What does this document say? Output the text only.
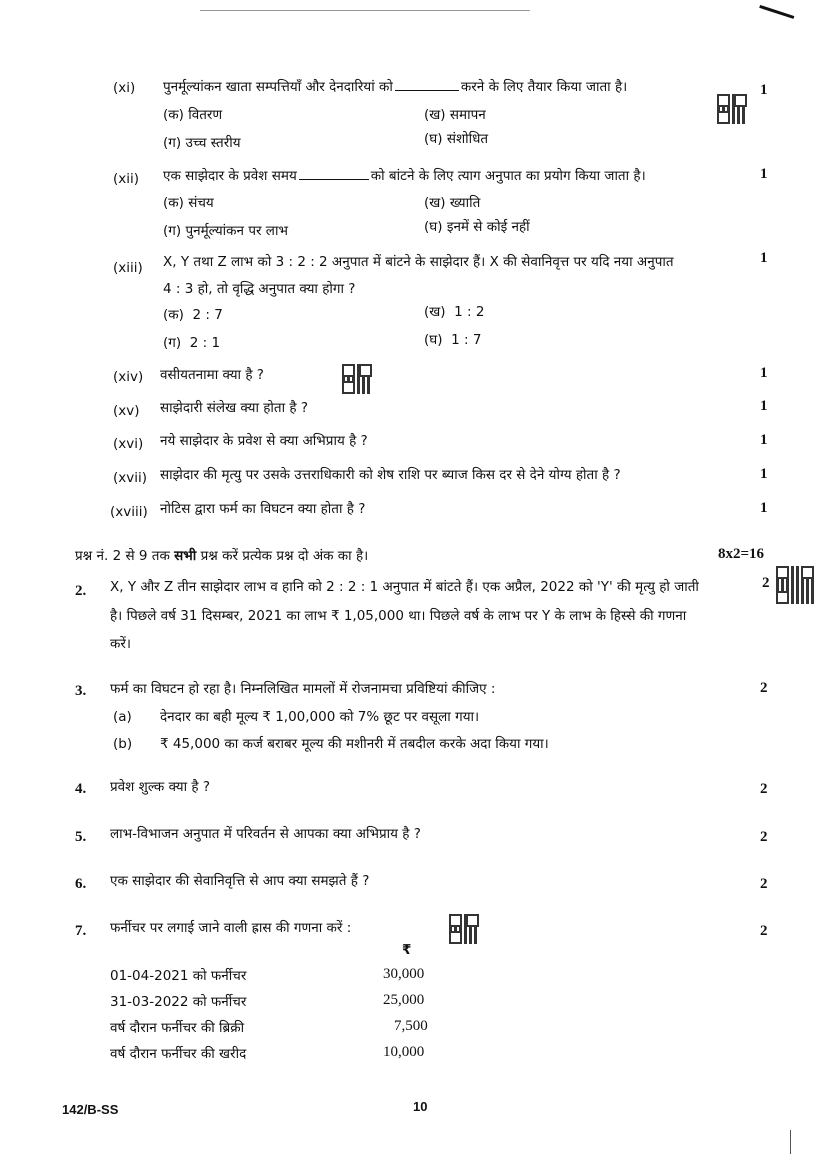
(xi) पुनर्मूल्यांकन खाता सम्पत्तियाँ और देनदारियां को	करने के लिए तैयार किया जाता है।	1
(क) वितरण	(ख) समापन
(ग) उच्च स्तरीय	(घ) संशोधित
(xii) एक साझेदार के प्रवेश समय	को बांटने के लिए त्याग अनुपात का प्रयोग किया जाता है।	1
(क) संचय	(ख) ख्याति
(ग) पुनर्मूल्यांकन पर लाभ	(घ) इनमें से कोई नहीं
(xiii) X, Y तथा Z लाभ को 3 : 2 : 2 अनुपात में बांटने के साझेदार हैं। X की सेवानिवृत्त पर यदि नया अनुपात
4 : 3 हो, तो वृद्धि अनुपात क्या होगा ?
1
(क) 2 : 7	(ख) 1 : 2
(ग) 2 : 1	(घ) 1 : 7
(xiv) वसीयतनामा क्या है ?	1
(xv) साझेदारी संलेख क्या होता है ?	1
(xvi) नये साझेदार के प्रवेश से क्या अभिप्राय है ?	1
(xvii) साझेदार की मृत्यु पर उसके उत्तराधिकारी को शेष राशि पर ब्याज किस दर से देने योग्य होता है ?	1
(xviii) नोटिस द्वारा फर्म का विघटन क्या होता है ?	1
प्रश्न नं. 2 से 9 तक सभी प्रश्न करें प्रत्येक प्रश्न दो अंक का है।	8x2=16
2. X, Y और Z तीन साझेदार लाभ व हानि को 2 : 2 : 1 अनुपात में बांटते हैं। एक अप्रैल, 2022 को 'Y' की मृत्यु हो जाती
है। पिछले वर्ष 31 दिसम्बर, 2021 का लाभ ₹ 1,05,000 था। पिछले वर्ष के लाभ पर Y के लाभ के हिस्से की गणना
करें।
2
3. फर्म का विघटन हो रहा है। निम्नलिखित मामलों में रोजनामचा प्रविष्टियां कीजिए :	2
(a) देनदार का बही मूल्य ₹ 1,00,000 को 7% छूट पर वसूला गया।
(b) ₹ 45,000 का कर्ज बराबर मूल्य की मशीनरी में तबदील करके अदा किया गया।
4. प्रवेश शुल्क क्या है ?	2
5. लाभ-विभाजन अनुपात में परिवर्तन से आपका क्या अभिप्राय है ?	2
6. एक साझेदार की सेवानिवृत्ति से आप क्या समझते हैं ?	2
7. फर्नीचर पर लगाई जाने वाली ह्रास की गणना करें :	2
₹
01-04-2021 को फर्नीचर	30,000
31-03-2022 को फर्नीचर	25,000
वर्ष दौरान फर्नीचर की ब्रिक्री	7,500
वर्ष दौरान फर्नीचर की खरीद	10,000
142/B-SS	10
